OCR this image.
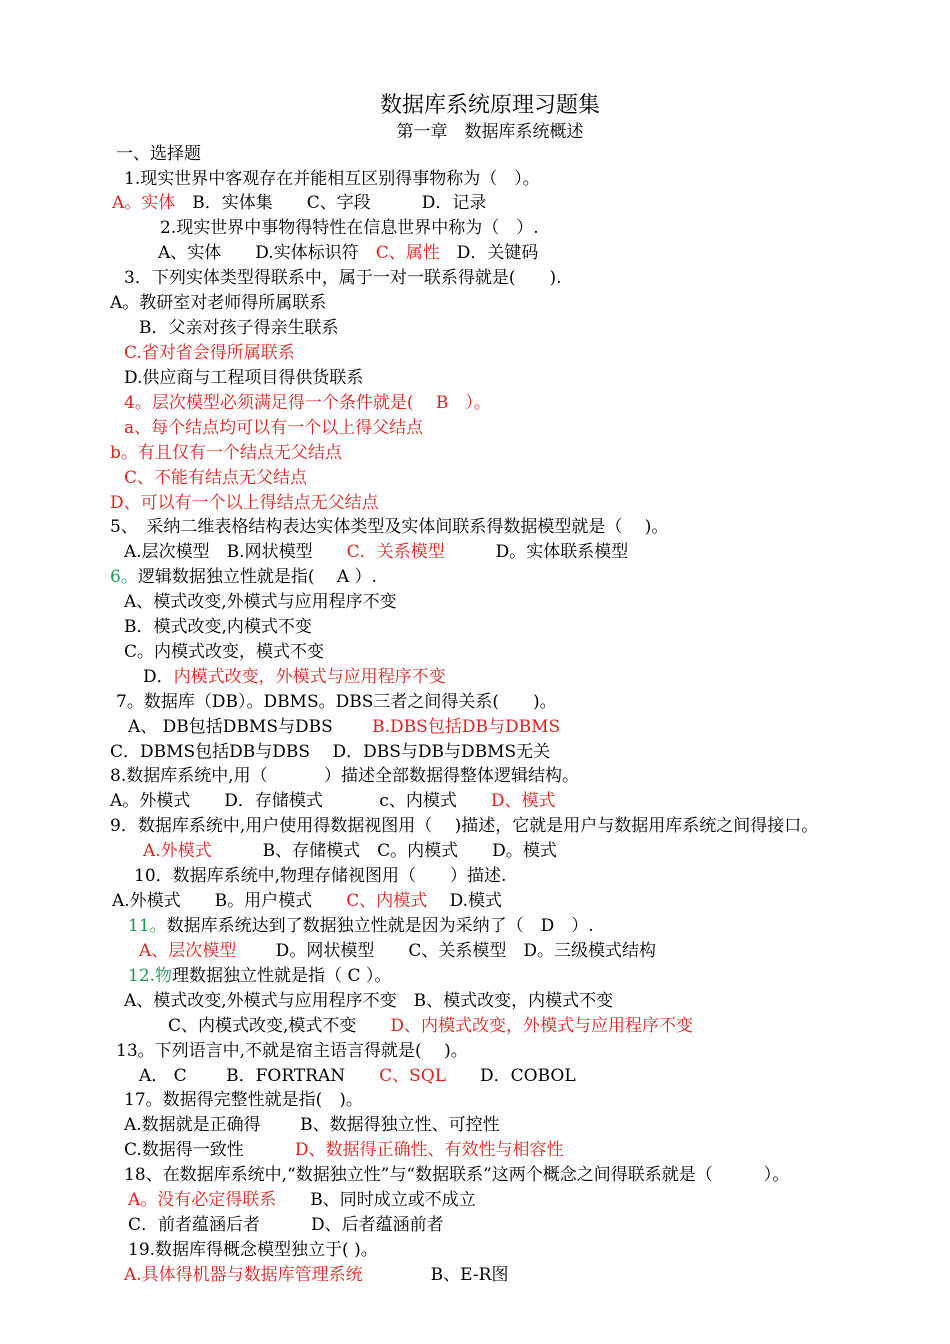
数据库系统原理习题集
第一章　数据库系统概述
一、选择题
1.现实世界中客观存在并能相互区别得事物称为（　）。
A。实体　B．实体集　　C、字段　　　D．记录
2.现实世界中事物得特性在信息世界中称为（　）.
A、实体　　D.实体标识符　C、属性　D．关键码
3．下列实体类型得联系中，属于一对一联系得就是(　　).
A。教研室对老师得所属联系
B．父亲对孩子得亲生联系
C.省对省会得所属联系
D.供应商与工程项目得供货联系
4。层次模型必须满足得一个条件就是(　 B　）。
a、每个结点均可以有一个以上得父结点
b。有且仅有一个结点无父结点
C、不能有结点无父结点
D、可以有一个以上得结点无父结点
5、　采纳二维表格结构表达实体类型及实体间联系得数据模型就是（　 )。
A.层次模型　B.网状模型　　C．关系模型　　　D。实体联系模型
6。逻辑数据独立性就是指(　 A ）.
A、模式改变,外模式与应用程序不变
B．模式改变,内模式不变
C。内模式改变，模式不变
D．内模式改变，外模式与应用程序不变
7。数据库（DB）。DBMS。DBS三者之间得关系(　　)。
A、 DB包括DBMS与DBS　　 B.DBS包括DB与DBMS
C．DBMS包括DB与DBS　 D．DBS与DB与DBMS无关
8.数据库系统中,用（　　　 ）描述全部数据得整体逻辑结构。
A。外模式　　D．存储模式　　　 c、内模式　　D、模式
9．数据库系统中,用户使用得数据视图用（　 )描述，它就是用户与数据用库系统之间得接口。
A.外模式　　　B、存储模式　C。内模式　　D。模式
10．数据库系统中,物理存储视图用（　　）描述.
A.外模式　　B。用户模式　　C、内模式　 D.模式
11。数据库系统达到了数据独立性就是因为采纳了（　D　）.
A、层次模型　　 D。网状模型　　C、关系模型　D。三级模式结构
12.物理数据独立性就是指（ C ）。
A、模式改变,外模式与应用程序不变　B、模式改变，内模式不变
C、内模式改变,模式不变　　D、内模式改变，外模式与应用程序不变
13。下列语言中,不就是宿主语言得就是(　 )。
A． C　　 B．FORTRAN　　C、SQL　　D．COBOL
17。数据得完整性就是指(　)。
A.数据就是正确得　　 B、数据得独立性、可控性
C.数据得一致性　　　D、数据得正确性、有效性与相容性
18、在数据库系统中,“数据独立性”与“数据联系”这两个概念之间得联系就是（　　　）。
A。没有必定得联系　　B、同时成立或不成立
C．前者蕴涵后者　　　D、后者蕴涵前者
19.数据库得概念模型独立于( )。
A.具体得机器与数据库管理系统　　　　B、E-R图
